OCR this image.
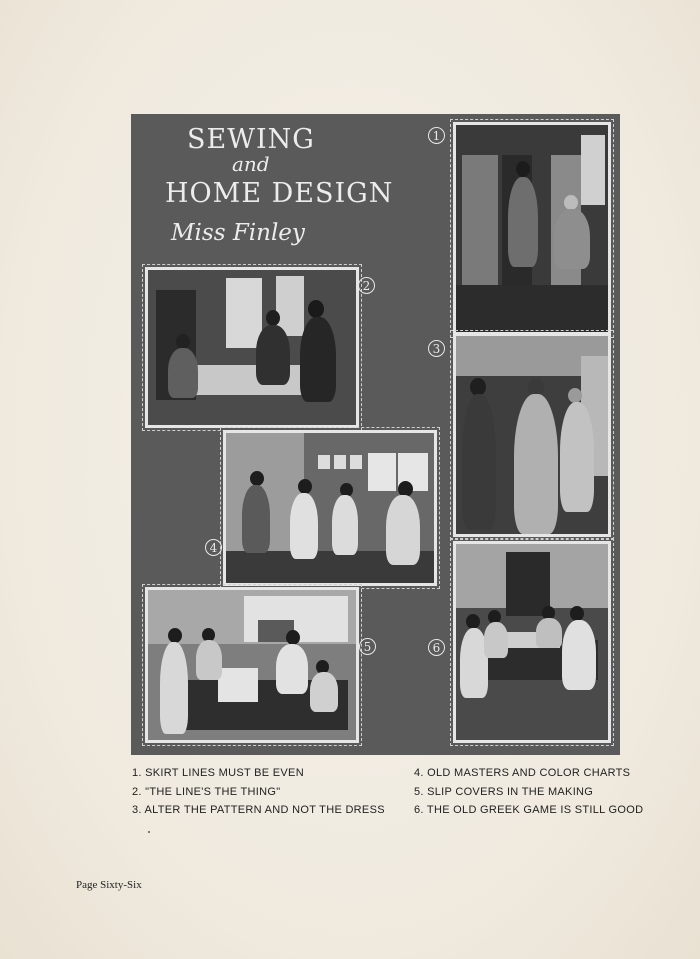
SEWING
and
HOME DESIGN
Miss Finley
1
2
3
4
5	6
1. SKIRT LINES MUST BE EVEN
2. "THE LINE'S THE THING"
3. ALTER THE PATTERN AND NOT THE DRESS
4. OLD MASTERS AND COLOR CHARTS
5. SLIP COVERS IN THE MAKING
6. THE OLD GREEK GAME IS STILL GOOD
Page Sixty-Six
